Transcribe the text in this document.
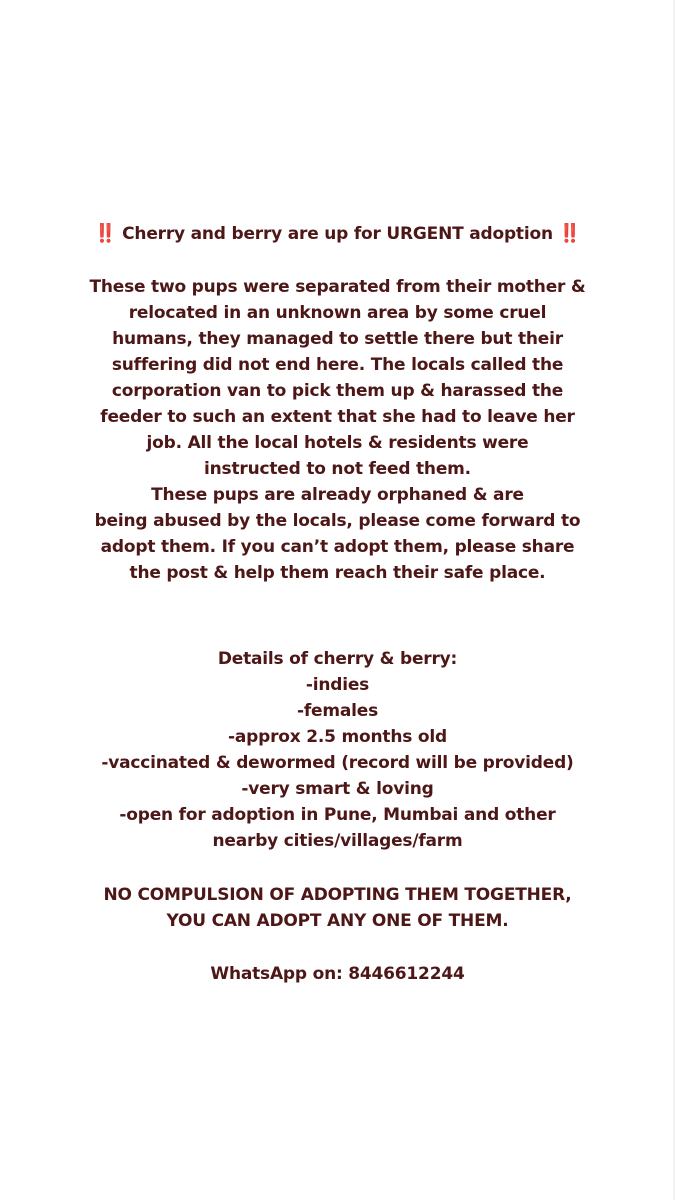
‼️ Cherry and berry are up for URGENT adoption ‼️
These two pups were separated from their mother &
relocated in an unknown area by some cruel
humans, they managed to settle there but their
suffering did not end here. The locals called the
corporation van to pick them up & harassed the
feeder to such an extent that she had to leave her
job. All the local hotels & residents were
instructed to not feed them.
These pups are already orphaned & are
being abused by the locals, please come forward to
adopt them. If you can’t adopt them, please share
the post & help them reach their safe place.
Details of cherry & berry:
-indies
-females
-approx 2.5 months old
-vaccinated & dewormed (record will be provided)
-very smart & loving
-open for adoption in Pune, Mumbai and other
nearby cities/villages/farm
NO COMPULSION OF ADOPTING THEM TOGETHER,
YOU CAN ADOPT ANY ONE OF THEM.
WhatsApp on: 8446612244
